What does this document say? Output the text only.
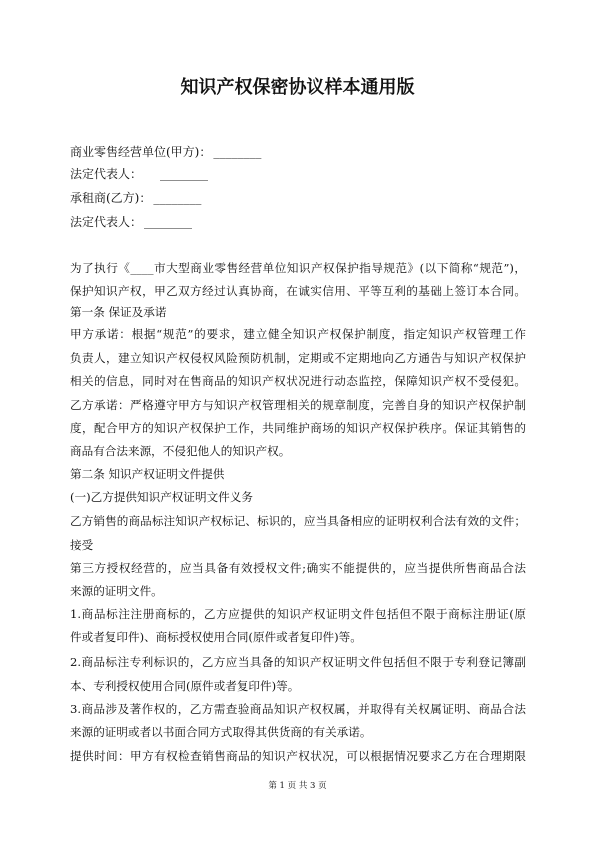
知识产权保密协议样本通用版
商业零售经营单位(甲方)： ________
法定代表人： ________
承租商(乙方)： ________
法定代表人： ________
为了执行《____市大型商业零售经营单位知识产权保护指导规范》(以下简称“规范”)，
保护知识产权，甲乙双方经过认真协商，在诚实信用、平等互利的基础上签订本合同。
第一条 保证及承诺
甲方承诺：根据“规范”的要求，建立健全知识产权保护制度，指定知识产权管理工作
负责人，建立知识产权侵权风险预防机制，定期或不定期地向乙方通告与知识产权保护
相关的信息，同时对在售商品的知识产权状况进行动态监控，保障知识产权不受侵犯。
乙方承诺：严格遵守甲方与知识产权管理相关的规章制度，完善自身的知识产权保护制
度，配合甲方的知识产权保护工作，共同维护商场的知识产权保护秩序。保证其销售的
商品有合法来源，不侵犯他人的知识产权。
第二条 知识产权证明文件提供
(一)乙方提供知识产权证明文件义务
乙方销售的商品标注知识产权标记、标识的，应当具备相应的证明权利合法有效的文件；
接受
第三方授权经营的，应当具备有效授权文件;确实不能提供的，应当提供所售商品合法
来源的证明文件。
1.商品标注注册商标的，乙方应提供的知识产权证明文件包括但不限于商标注册证(原
件或者复印件)、商标授权使用合同(原件或者复印件)等。
2.商品标注专利标识的，乙方应当具备的知识产权证明文件包括但不限于专利登记簿副
本、专利授权使用合同(原件或者复印件)等。
3.商品涉及著作权的，乙方需查验商品知识产权权属，并取得有关权属证明、商品合法
来源的证明或者以书面合同方式取得其供货商的有关承诺。
提供时间：甲方有权检查销售商品的知识产权状况，可以根据情况要求乙方在合理期限
第 1 页 共 3 页
